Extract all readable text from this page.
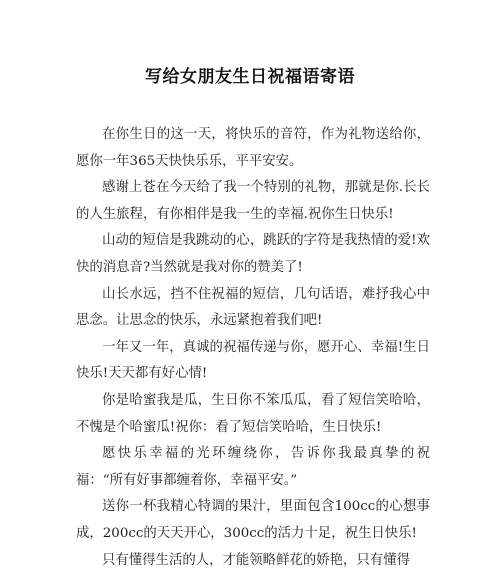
写给女朋友生日祝福语寄语

在你生日的这一天，将快乐的音符，作为礼物送给你，愿你一年365天快快乐乐，平平安安。

感谢上苍在今天给了我一个特别的礼物，那就是你.长长的人生旅程，有你相伴是我一生的幸福.祝你生日快乐!

山动的短信是我跳动的心，跳跃的字符是我热情的爱!欢快的消息音?当然就是我对你的赞美了!

山长水远，挡不住祝福的短信，几句话语，难抒我心中思念。让思念的快乐，永远紧抱着我们吧!

一年又一年，真诚的祝福传递与你，愿开心、幸福!生日快乐!天天都有好心情!

你是哈蜜我是瓜，生日你不笨瓜瓜，看了短信笑哈哈，不愧是个哈蜜瓜!祝你：看了短信笑哈哈，生日快乐!

愿快乐幸福的光环缠绕你，告诉你我最真挚的祝福：“所有好事都缠着你，幸福平安。”

送你一杯我精心特调的果汁，里面包含100cc的心想事成，200cc的天天开心，300cc的活力十足，祝生日快乐!

只有懂得生活的人，才能领略鲜花的娇艳，只有懂得
